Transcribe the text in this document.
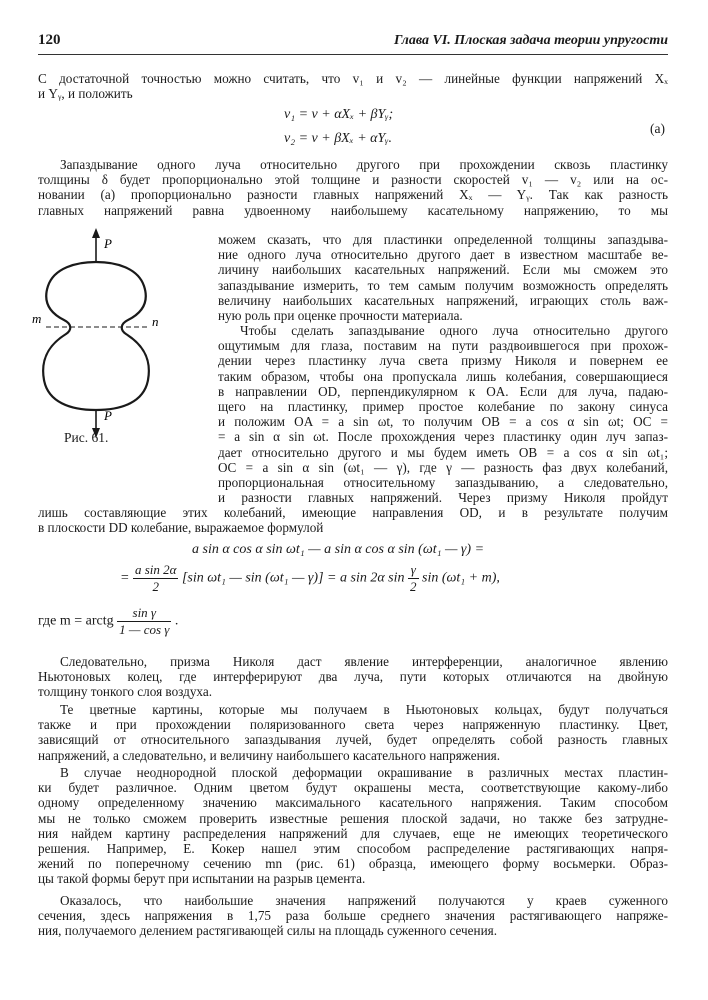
120	Глава VI. Плоская задача теории упругости
С достаточной точностью можно считать, что v₁ и v₂ — линейные функции напряжений Xₓ
и Yᵧ, и положить
v₁ = v + αXₓ + βYᵧ;
v₂ = v + βXₓ + αYᵧ.
(a)
Запаздывание одного луча относительно другого при прохождении сквозь пластинку
толщины δ будет пропорционально этой толщине и разности скоростей v₁ — v₂ или на ос-
новании (a) пропорционально разности главных напряжений Xₓ — Yᵧ. Так как разность
главных напряжений равна удвоенному наибольшему касательному напряжению, то мы
можем сказать, что для пластинки определенной толщины запаздыва-
ние одного луча относительно другого дает в известном масштабе ве-
личину наибольших касательных напряжений. Если мы сможем это
запаздывание измерить, то тем самым получим возможность определять
величину наибольших касательных напряжений, играющих столь важ-
ную роль при оценке прочности материала.
Чтобы сделать запаздывание одного луча относительно другого
ощутимым для глаза, поставим на пути раздвоившегося при прохож-
дении через пластинку луча света призму Николя и повернем ее
таким образом, чтобы она пропускала лишь колебания, совершающиеся
в направлении OD, перпендикулярном к OA. Если для луча, падаю-
щего на пластинку, пример простое колебание по закону синуса
и положим OA = a sin ωt, то получим OB = a cos α sin ωt; OC =
= a sin α sin ωt. После прохождения через пластинку один луч запаз-
дает относительно другого и мы будем иметь OB = a cos α sin ωt₁;
OC = a sin α sin (ωt₁ — γ), где γ — разность фаз двух колебаний,
пропорциональная относительному запаздыванию, а следовательно,
и разности главных напряжений. Через призму Николя пройдут
P
P
m	n
Рис. 61.
лишь составляющие этих колебаний, имеющие направления OD, и в результате получим
в плоскости DD колебание, выражаемое формулой
a sin α cos α sin ωt₁ — a sin α cos α sin (ωt₁ — γ) =
= $\frac{\text{a sin 2α}}{2} [\sin$ ωt₁ — sin (ωt₁ — γ)] = a sin 2α $\sin \frac{\gamma}{2}$ sin (ωt₁ + m),
где m = arctg $\frac{\text{sin γ}}{\text{1 — cos γ}}$ .
Следовательно, призма Николя даст явление интерференции, аналогичное явлению
Ньютоновых колец, где интерферируют два луча, пути которых отличаются на двойную
толщину тонкого слоя воздуха.
Те цветные картины, которые мы получаем в Ньютоновых кольцах, будут получаться
также и при прохождении поляризованного света через напряженную пластинку. Цвет,
зависящий от относительного запаздывания лучей, будет определять собой разность главных
напряжений, а следовательно, и величину наибольшего касательного напряжения.
В случае неоднородной плоской деформации окрашивание в различных местах пластин-
ки будет различное. Одним цветом будут окрашены места, соответствующие какому-либо
одному определенному значению максимального касательного напряжения. Таким способом
мы не только сможем проверить известные решения плоской задачи, но также без затрудне-
ния найдем картину распределения напряжений для случаев, еще не имеющих теоретического
решения. Например, Е. Кокер нашел этим способом распределение растягивающих напря-
жений по поперечному сечению mn (рис. 61) образца, имеющего форму восьмерки. Образ-
цы такой формы берут при испытании на разрыв цемента.
Оказалось, что наибольшие значения напряжений получаются у краев суженного
сечения, здесь напряжения в 1,75 раза больше среднего значения растягивающего напряже-
ния, получаемого делением растягивающей силы на площадь суженного сечения.
